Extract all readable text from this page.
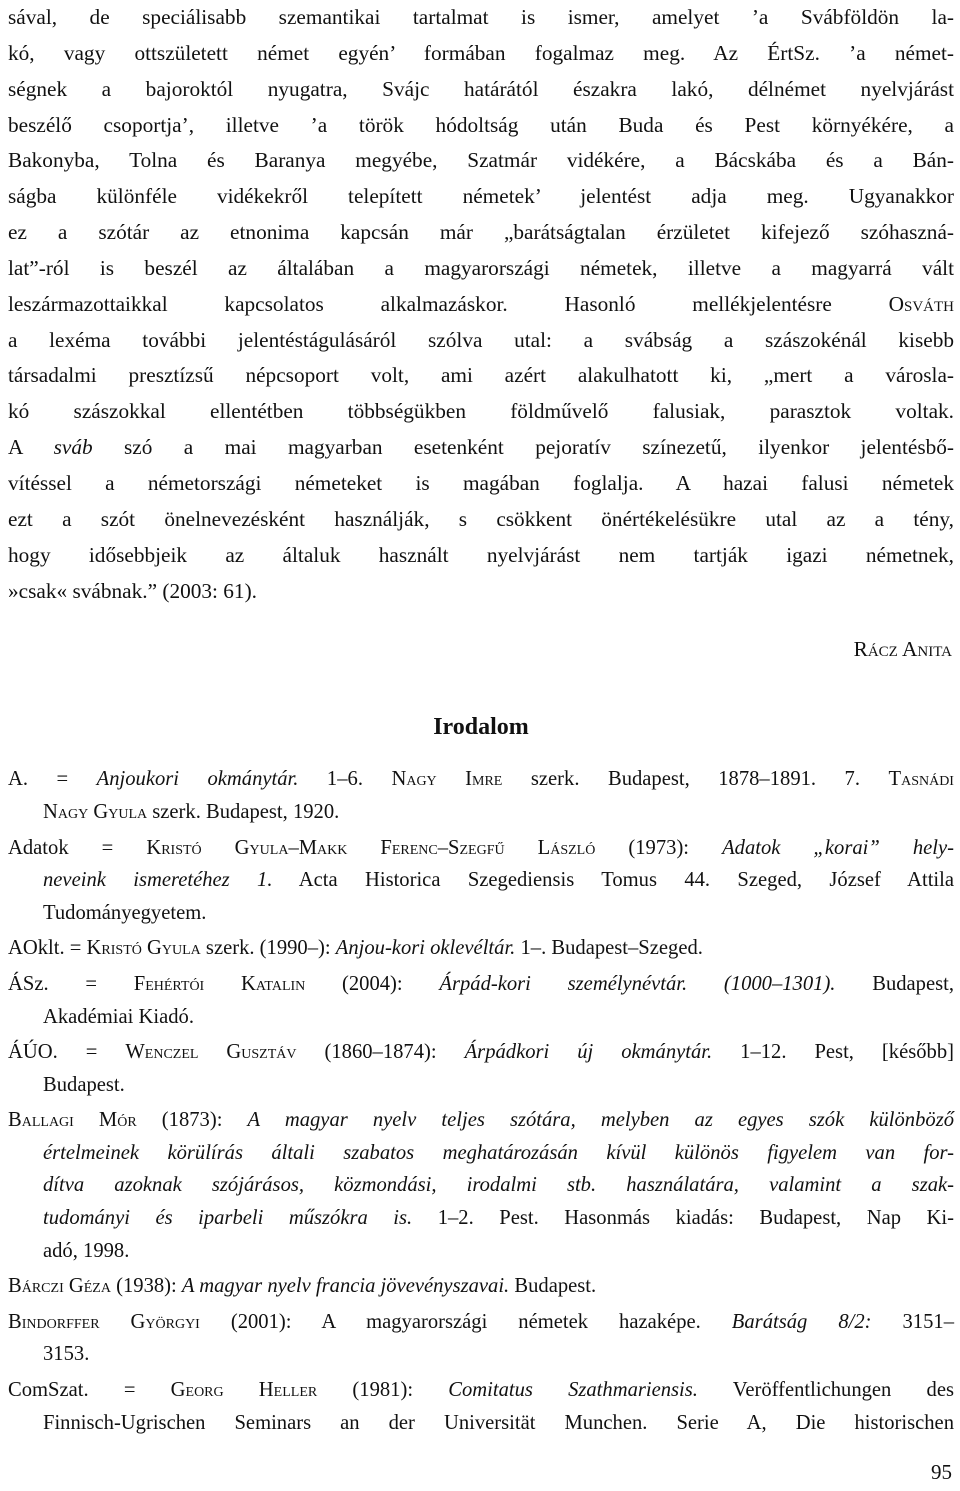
sával, de speciálisabb szemantikai tartalmat is ismer, amelyet ’a Svábföldön la-
kó, vagy ottszületett német egyén’ formában fogalmaz meg. Az ÉrtSz. ’a német-
ségnek a bajoroktól nyugatra, Svájc határától északra lakó, délnémet nyelvjárást
beszélő csoportja’, illetve ’a török hódoltság után Buda és Pest környékére, a
Bakonyba, Tolna és Baranya megyébe, Szatmár vidékére, a Bácskába és a Bán-
ságba különféle vidékekről telepített németek’ jelentést adja meg. Ugyanakkor
ez a szótár az etnonima kapcsán már „barátságtalan érzületet kifejező szóhaszná-
lat”-ról is beszél az általában a magyarországi németek, illetve a magyarrá vált
leszármazottaikkal kapcsolatos alkalmazáskor. Hasonló mellékjelentésre Osváth
a lexéma további jelentéstágulásáról szólva utal: a svábság a szászokénál kisebb
társadalmi presztízsű népcsoport volt, ami azért alakulhatott ki, „mert a városla-
kó szászokkal ellentétben többségükben földművelő falusiak, parasztok voltak.
A sváb szó a mai magyarban esetenként pejoratív színezetű, ilyenkor jelentésbő-
vítéssel a németországi németeket is magában foglalja. A hazai falusi németek
ezt a szót önelnevezésként használják, s csökkent önértékelésükre utal az a tény,
hogy idősebbjeik az általuk használt nyelvjárást nem tartják igazi németnek,
»csak« svábnak.” (2003: 61).
Rácz Anita
Irodalom
A. = Anjoukori okmánytár. 1–6. Nagy Imre szerk. Budapest, 1878–1891. 7. Tasnádi
Nagy Gyula szerk. Budapest, 1920.
Adatok = Kristó Gyula–Makk Ferenc–Szegfű László (1973): Adatok „korai” hely-
neveink ismeretéhez 1. Acta Historica Szegediensis Tomus 44. Szeged, József Attila
Tudományegyetem.
AOklt. = Kristó Gyula szerk. (1990–): Anjou-kori oklevéltár. 1–. Budapest–Szeged.
ÁSz. = Fehértói Katalin (2004): Árpád-kori személynévtár. (1000–1301). Budapest,
Akadémiai Kiadó.
ÁÚO. = Wenczel Gusztáv (1860–1874): Árpádkori új okmánytár. 1–12. Pest, [később]
Budapest.
Ballagi Mór (1873): A magyar nyelv teljes szótára, melyben az egyes szók különböző
értelmeinek körülírás általi szabatos meghatározásán kívül különös figyelem van for-
dítva azoknak szójárásos, közmondási, irodalmi stb. használatára, valamint a szak-
tudományi és iparbeli műszókra is. 1–2. Pest. Hasonmás kiadás: Budapest, Nap Ki-
adó, 1998.
Bárczi Géza (1938): A magyar nyelv francia jövevényszavai. Budapest.
Bindorffer Györgyi (2001): A magyarországi németek hazaképe. Barátság 8/2: 3151–
3153.
ComSzat. = Georg Heller (1981): Comitatus Szathmariensis. Veröffentlichungen des
Finnisch-Ugrischen Seminars an der Universität Munchen. Serie A, Die historischen
95
